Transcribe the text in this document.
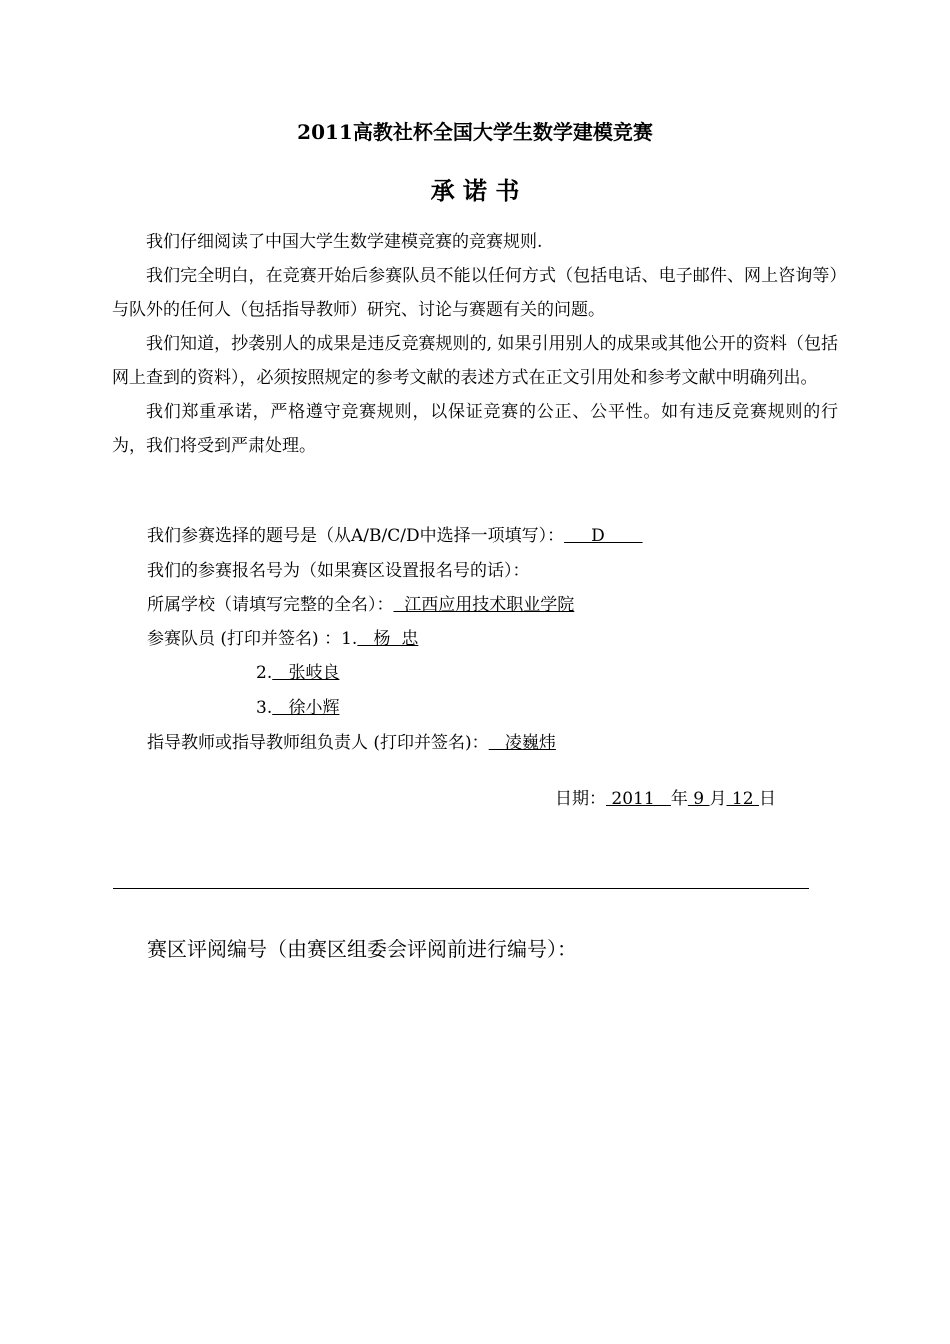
2011高教社杯全国大学生数学建模竞赛
承 诺 书

我们仔细阅读了中国大学生数学建模竞赛的竞赛规则.

我们完全明白，在竞赛开始后参赛队员不能以任何方式（包括电话、电子邮件、网上咨询等）与队外的任何人（包括指导教师）研究、讨论与赛题有关的问题。

我们知道，抄袭别人的成果是违反竞赛规则的, 如果引用别人的成果或其他公开的资料（包括网上查到的资料），必须按照规定的参考文献的表述方式在正文引用处和参考文献中明确列出。

我们郑重承诺，严格遵守竞赛规则，以保证竞赛的公正、公平性。如有违反竞赛规则的行为，我们将受到严肃处理。

我们参赛选择的题号是（从A/B/C/D中选择一项填写）：     D
我们的参赛报名号为（如果赛区设置报名号的话）：
所属学校（请填写完整的全名）：  江西应用技术职业学院
参赛队员 (打印并签名) ：1.   杨  忠
2.   张岐良
3.   徐小辉
指导教师或指导教师组负责人 (打印并签名)：   凌巍炜
日期： 2011   年 9 月 12 日
赛区评阅编号（由赛区组委会评阅前进行编号）：
